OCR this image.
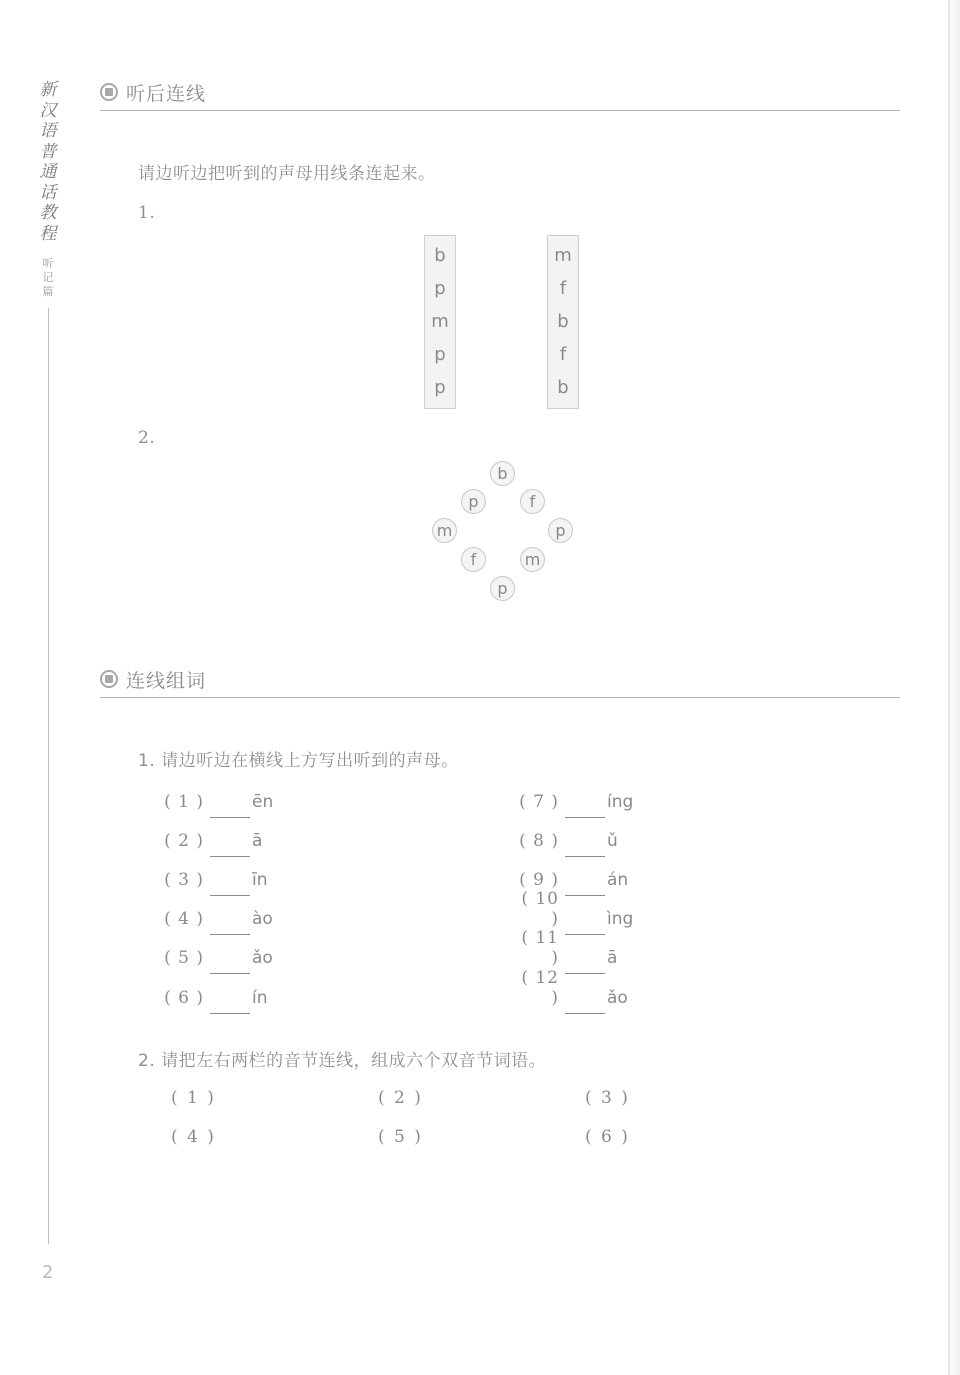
新
汉
语
普
通
话
教
程
听
记
篇
2
听后连线
请边听边把听到的声母用线条连起来。
1.
b
p
m
p
p
m
f
b
f
b
2.
b
p	f
m	p
f	m
p
连线组词
1. 请边听边在横线上方写出听到的声母。
( 1 )	ēn
( 2 )	ā
( 3 )	īn
( 4 )	ào
( 5 )	ǎo
( 6 )	ín
( 7 )	íng
( 8 )	ǔ
( 9 )	án
( 10 )	ìng
( 11 )	ā
( 12 )	ǎo
2. 请把左右两栏的音节连线，组成六个双音节词语。
( 1 )	( 2 )	( 3 )
( 4 )	( 5 )	( 6 )
